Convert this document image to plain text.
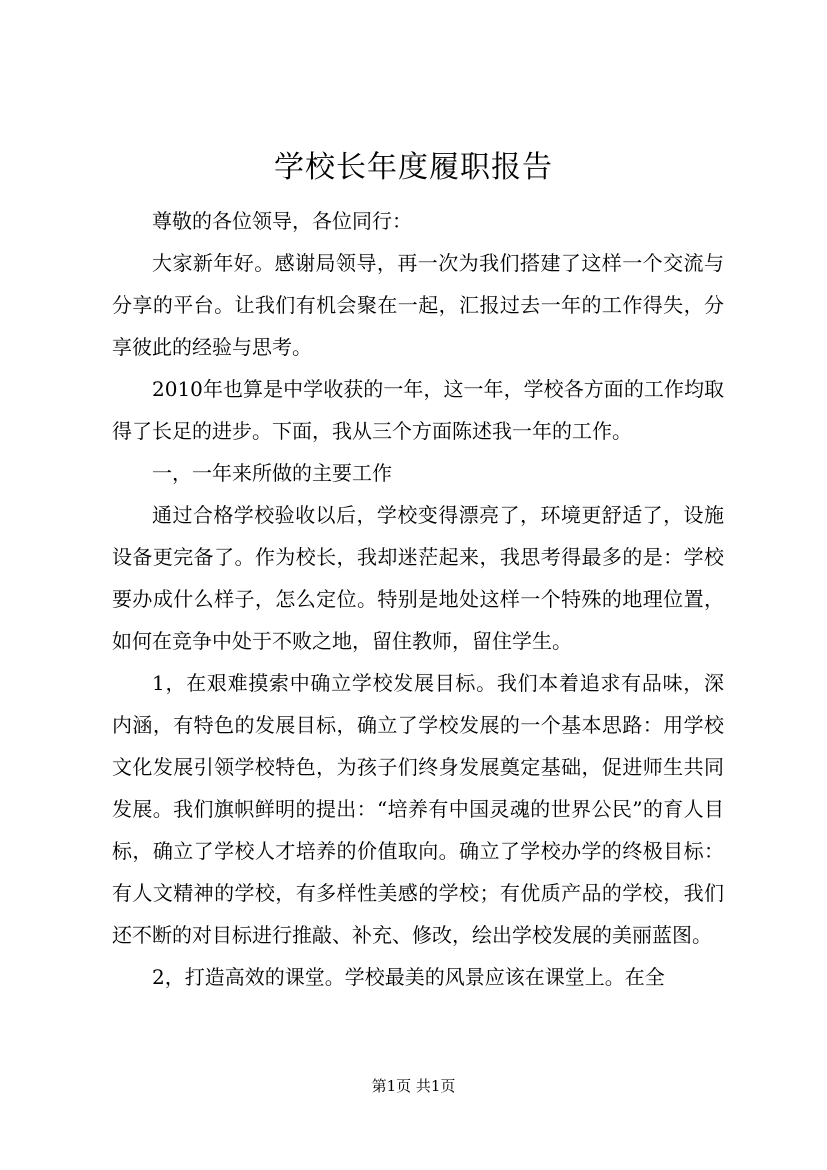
学校长年度履职报告

尊敬的各位领导，各位同行：

大家新年好。感谢局领导，再一次为我们搭建了这样一个交流与分享的平台。让我们有机会聚在一起，汇报过去一年的工作得失，分享彼此的经验与思考。

2010年也算是中学收获的一年，这一年，学校各方面的工作均取得了长足的进步。下面，我从三个方面陈述我一年的工作。

一，一年来所做的主要工作

通过合格学校验收以后，学校变得漂亮了，环境更舒适了，设施设备更完备了。作为校长，我却迷茫起来，我思考得最多的是：学校要办成什么样子，怎么定位。特别是地处这样一个特殊的地理位置，如何在竞争中处于不败之地，留住教师，留住学生。

1，在艰难摸索中确立学校发展目标。我们本着追求有品味，深内涵，有特色的发展目标，确立了学校发展的一个基本思路：用学校文化发展引领学校特色，为孩子们终身发展奠定基础，促进师生共同发展。我们旗帜鲜明的提出：“培养有中国灵魂的世界公民”的育人目标，确立了学校人才培养的价值取向。确立了学校办学的终极目标：有人文精神的学校，有多样性美感的学校；有优质产品的学校，我们还不断的对目标进行推敲、补充、修改，绘出学校发展的美丽蓝图。

2，打造高效的课堂。学校最美的风景应该在课堂上。在全

第1页 共1页
